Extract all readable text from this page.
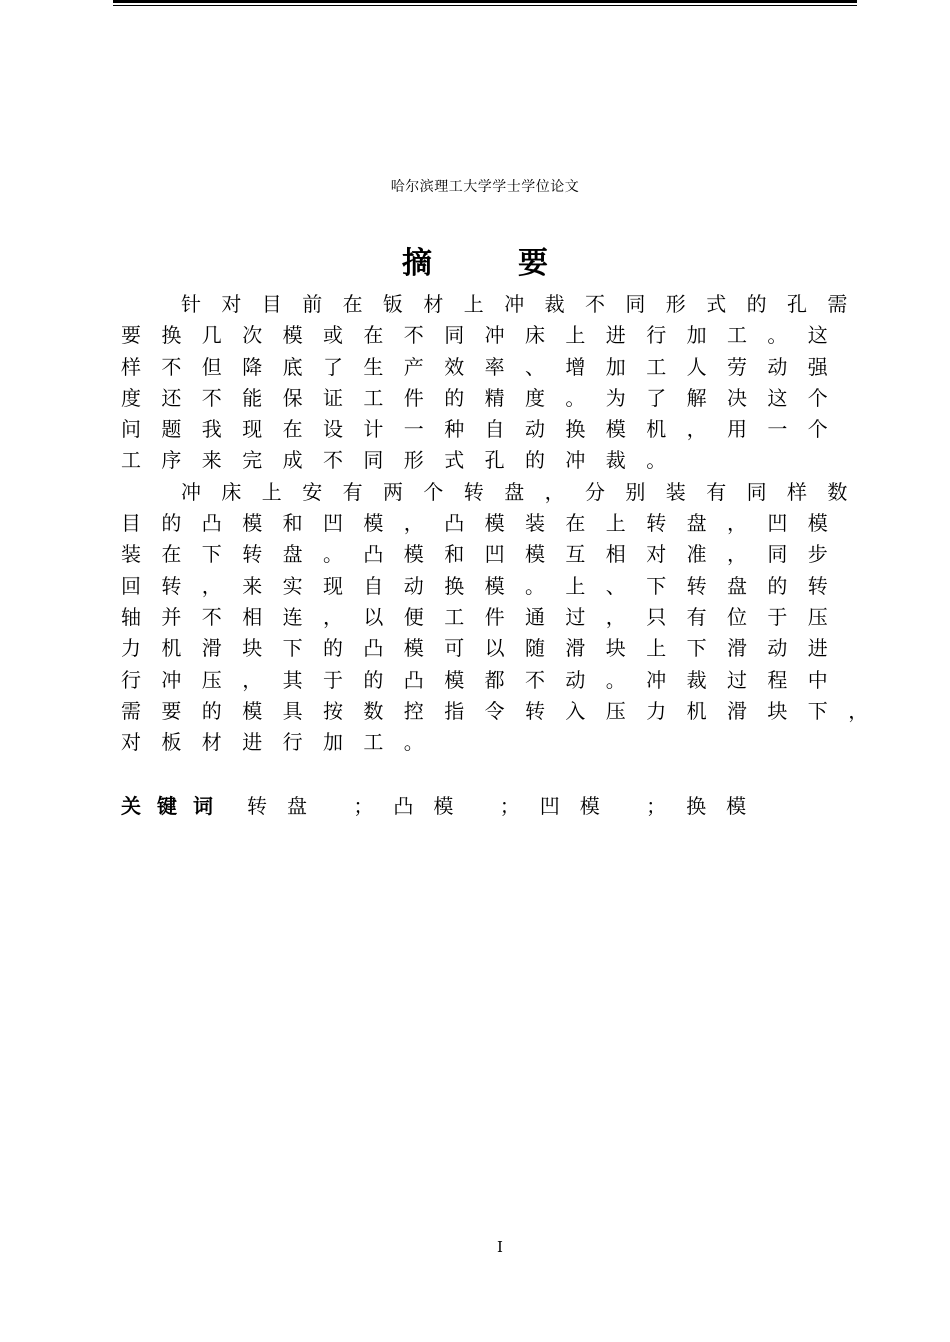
哈尔滨理工大学学士学位论文
摘	要
针对目前在钣材上冲裁不同形式的孔需
要换几次模或在不同冲床上进行加工。这
样不但降底了生产效率、增加工人劳动强
度还不能保证工件的精度。为了解决这个
问题我现在设计一种自动换模机，用一个
工序来完成不同形式孔的冲裁。
冲床上安有两个转盘，分别装有同样数
目的凸模和凹模，凸模装在上转盘，凹模
装在下转盘。凸模和凹模互相对准，同步
回转，来实现自动换模。上、下转盘的转
轴并不相连，以便工件通过，只有位于压
力机滑块下的凸模可以随滑块上下滑动进
行冲压，其于的凸模都不动。冲裁过程中
需要的模具按数控指令转入压力机滑块下，
对板材进行加工。
关键词 转盘 ；凸模 ；凹模 ；换模
I
